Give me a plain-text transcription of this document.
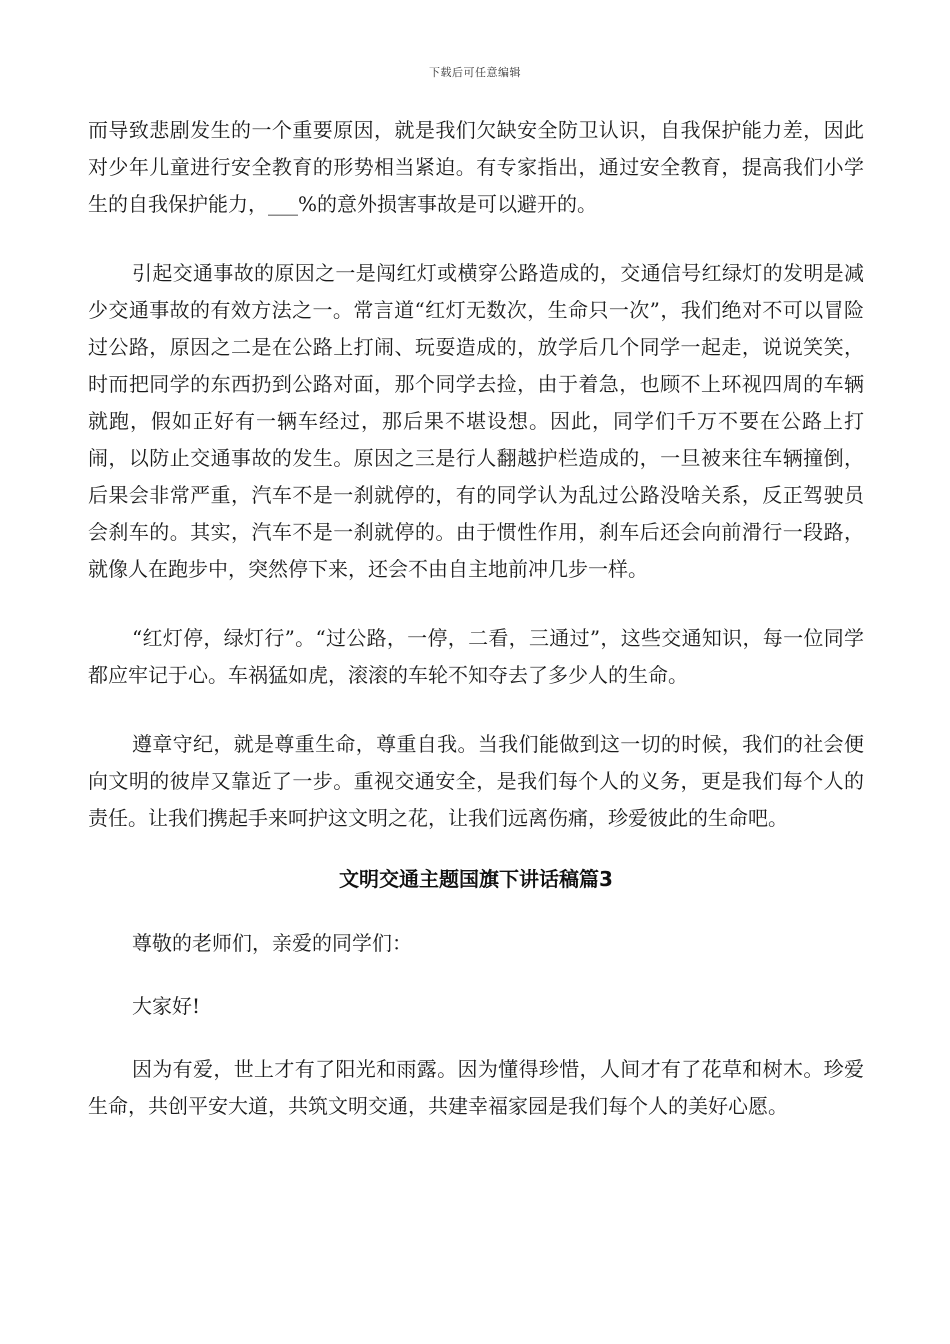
下载后可任意编辑

而导致悲剧发生的一个重要原因，就是我们欠缺安全防卫认识，自我保护能力差，因此对少年儿童进行安全教育的形势相当紧迫。有专家指出，通过安全教育，提高我们小学生的自我保护能力，___%的意外损害事故是可以避开的。

引起交通事故的原因之一是闯红灯或横穿公路造成的，交通信号红绿灯的发明是减少交通事故的有效方法之一。常言道“红灯无数次，生命只一次”，我们绝对不可以冒险过公路，原因之二是在公路上打闹、玩耍造成的，放学后几个同学一起走，说说笑笑，时而把同学的东西扔到公路对面，那个同学去捡，由于着急，也顾不上环视四周的车辆就跑，假如正好有一辆车经过，那后果不堪设想。因此，同学们千万不要在公路上打闹，以防止交通事故的发生。原因之三是行人翻越护栏造成的，一旦被来往车辆撞倒，后果会非常严重，汽车不是一刹就停的，有的同学认为乱过公路没啥关系，反正驾驶员会刹车的。其实，汽车不是一刹就停的。由于惯性作用，刹车后还会向前滑行一段路，就像人在跑步中，突然停下来，还会不由自主地前冲几步一样。

“红灯停，绿灯行”。“过公路，一停，二看，三通过”，这些交通知识，每一位同学都应牢记于心。车祸猛如虎，滚滚的车轮不知夺去了多少人的生命。

遵章守纪，就是尊重生命，尊重自我。当我们能做到这一切的时候，我们的社会便向文明的彼岸又靠近了一步。重视交通安全，是我们每个人的义务，更是我们每个人的责任。让我们携起手来呵护这文明之花，让我们远离伤痛，珍爱彼此的生命吧。

文明交通主题国旗下讲话稿篇3

尊敬的老师们，亲爱的同学们：

大家好!

因为有爱，世上才有了阳光和雨露。因为懂得珍惜，人间才有了花草和树木。珍爱生命，共创平安大道，共筑文明交通，共建幸福家园是我们每个人的美好心愿。
